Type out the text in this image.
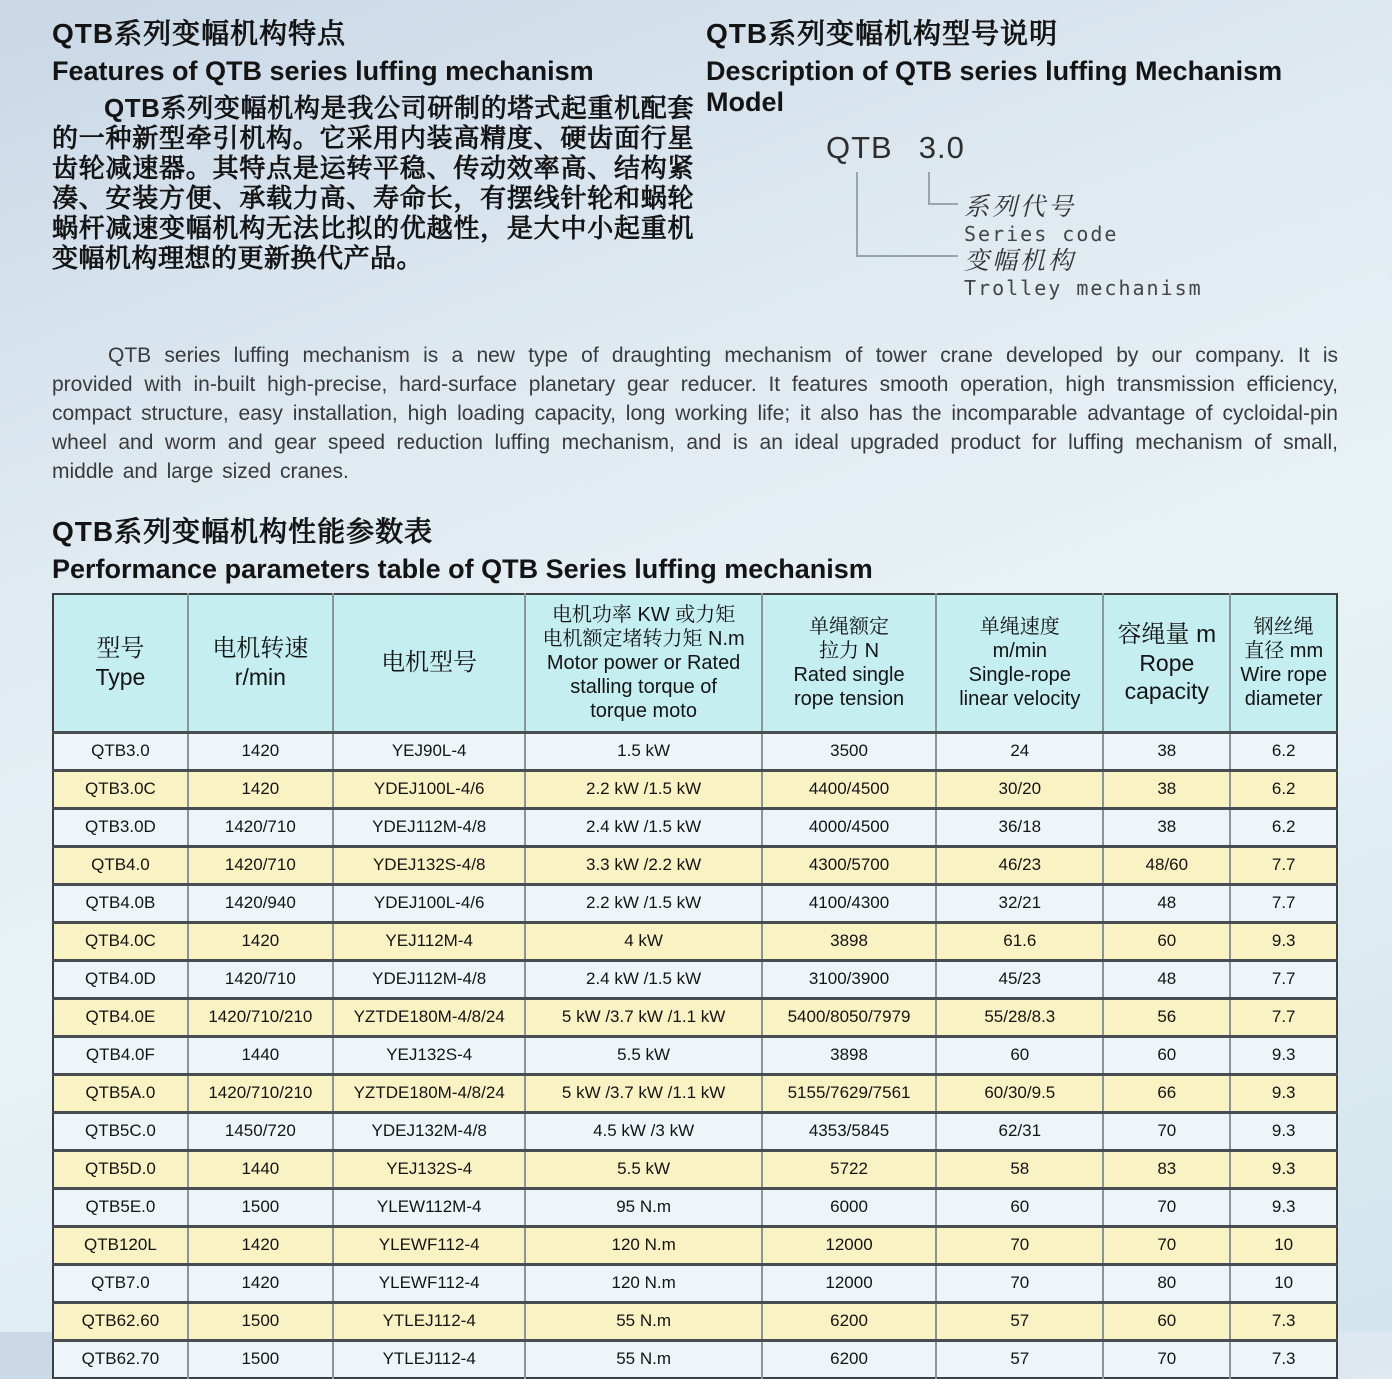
QTB系列变幅机构特点
Features of QTB series luffing mechanism

QTB系列变幅机构是我公司研制的塔式起重机配套的一种新型牵引机构。它采用内装高精度、硬齿面行星齿轮减速器。其特点是运转平稳、传动效率高、结构紧凑、安装方便、承载力高、寿命长，有摆线针轮和蜗轮蜗杆减速变幅机构无法比拟的优越性，是大中小起重机变幅机构理想的更新换代产品。

QTB系列变幅机构型号说明
Description of QTB series luffing Mechanism Model
QTB 3.0
系列代号
Series code
变幅机构
Trolley mechanism

QTB series luffing mechanism is a new type of draughting mechanism of tower crane developed by our company. It is provided with in-built high-precise, hard-surface planetary gear reducer. It features smooth operation, high transmission efficiency, compact structure, easy installation, high loading capacity, long working life; it also has the incomparable advantage of cycloidal-pin wheel and worm and gear speed reduction luffing mechanism, and is an ideal upgraded product for luffing mechanism of small, middle and large sized cranes.

QTB系列变幅机构性能参数表
Performance parameters table of QTB Series luffing mechanism
型号
Type

电机转速
r/min

电机型号

电机功率 KW 或力矩
电机额定堵转力矩 N.m
Motor power or Rated
stalling torque of
torque moto

单绳额定
拉力 N
Rated single
rope tension

单绳速度
m/min
Single-rope
linear velocity

容绳量 m
Rope
capacity

钢丝绳
直径 mm
Wire rope
diameter

QTB3.0	1420	YEJ90L-4	1.5 kW	3500	24	38	6.2
QTB3.0C	1420	YDEJ100L-4/6	2.2 kW /1.5 kW	4400/4500	30/20	38	6.2
QTB3.0D	1420/710	YDEJ112M-4/8	2.4 kW /1.5 kW	4000/4500	36/18	38	6.2
QTB4.0	1420/710	YDEJ132S-4/8	3.3 kW /2.2 kW	4300/5700	46/23	48/60	7.7
QTB4.0B	1420/940	YDEJ100L-4/6	2.2 kW /1.5 kW	4100/4300	32/21	48	7.7
QTB4.0C	1420	YEJ112M-4	4 kW	3898	61.6	60	9.3
QTB4.0D	1420/710	YDEJ112M-4/8	2.4 kW /1.5 kW	3100/3900	45/23	48	7.7
QTB4.0E	1420/710/210	YZTDE180M-4/8/24	5 kW /3.7 kW /1.1 kW	5400/8050/7979	55/28/8.3	56	7.7
QTB4.0F	1440	YEJ132S-4	5.5 kW	3898	60	60	9.3
QTB5A.0	1420/710/210	YZTDE180M-4/8/24	5 kW /3.7 kW /1.1 kW	5155/7629/7561	60/30/9.5	66	9.3
QTB5C.0	1450/720	YDEJ132M-4/8	4.5 kW /3 kW	4353/5845	62/31	70	9.3
QTB5D.0	1440	YEJ132S-4	5.5 kW	5722	58	83	9.3
QTB5E.0	1500	YLEW112M-4	95 N.m	6000	60	70	9.3
QTB120L	1420	YLEWF112-4	120 N.m	12000	70	70	10
QTB7.0	1420	YLEWF112-4	120 N.m	12000	70	80	10
QTB62.60	1500	YTLEJ112-4	55 N.m	6200	57	60	7.3
QTB62.70	1500	YTLEJ112-4	55 N.m	6200	57	70	7.3
